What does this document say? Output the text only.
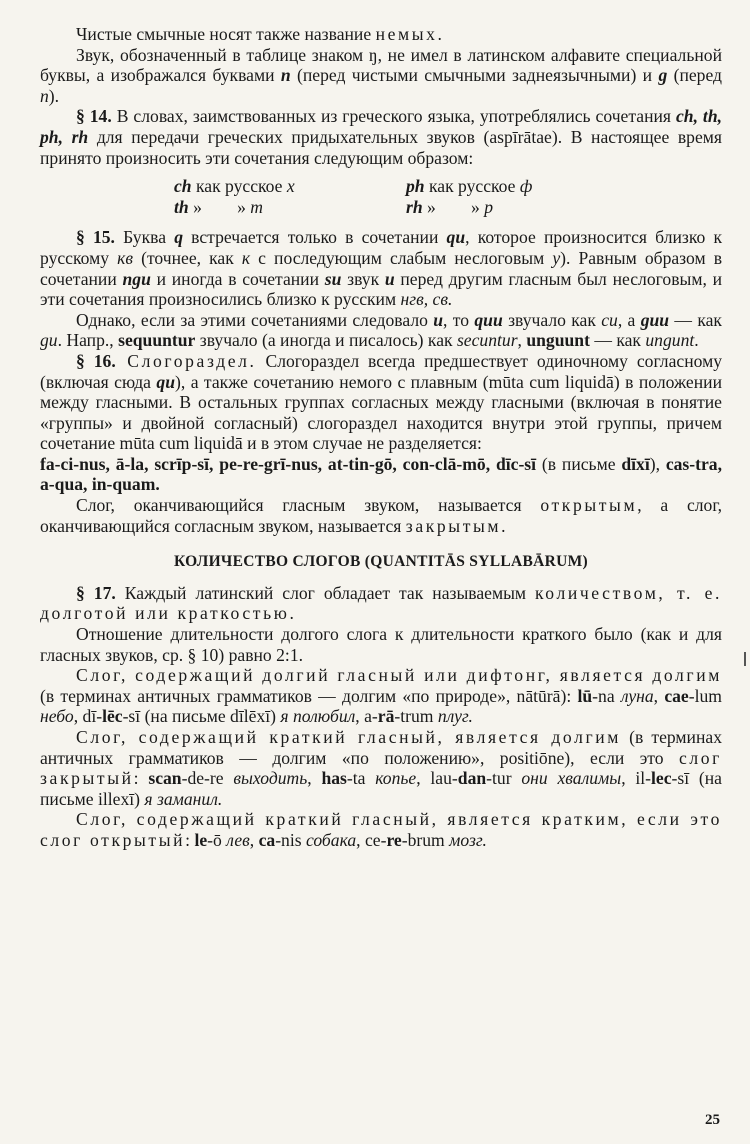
Чистые смычные носят также название немых.

Звук, обозначенный в таблице знаком ŋ, не имел в латинском алфавите специальной буквы, а изображался буквами n (перед чистыми смычными заднеязычными) и g (перед n).

§ 14. В словах, заимствованных из греческого языка, употреблялись сочетания ch, th, ph, rh для передачи греческих придыхательных звуков (aspīrātae). В настоящее время принято произносить эти сочетания следующим образом:

ch как русское х	ph как русское ф
th »        » т	rh »        » р

§ 15. Буква q встречается только в сочетании qu, которое произносится близко к русскому кв (точнее, как к с последующим слабым неслоговым у). Равным образом в сочетании ngu и иногда в сочетании su звук u перед другим гласным был неслоговым, и эти сочетания произносились близко к русским нгв, св.

Однако, если за этими сочетаниями следовало u, то quu звучало как cu, а guu — как gu. Напр., sequuntur звучало (а иногда и писалось) как secuntur, unguunt — как ungunt.

§ 16. Слогораздел. Слогораздел всегда предшествует одиночному согласному (включая сюда qu), а также сочетанию немого с плавным (mūta cum liquidā) в положении между гласными. В остальных группах согласных между гласными (включая в понятие «группы» и двойной согласный) слогораздел находится внутри этой группы, причем сочетание mūta cum liquidā и в этом случае не разделяется:

fa-ci-nus, ā-la, scrīp-sī, pe-re-grī-nus, at-tin-gō, con-clā-mō, dīc-sī (в письме dīxī), cas-tra, a-qua, in-quam.

Слог, оканчивающийся гласным звуком, называется открытым, а слог, оканчивающийся согласным звуком, называется закрытым.

КОЛИЧЕСТВО СЛОГОВ (QUANTITĀS SYLLABĀRUM)

§ 17. Каждый латинский слог обладает так называемым количеством, т. е. долготой или краткостью.

Отношение длительности долгого слога к длительности краткого было (как и для гласных звуков, ср. § 10) равно 2:1.

Слог, содержащий долгий гласный или дифтонг, является долгим (в терминах античных грамматиков — долгим «по природе», nātūrā): lū-na луна, cae-lum небо, dī-lēc-sī (на письме dīlēxī) я полюбил, a-rā-trum плуг.

Слог, содержащий краткий гласный, является долгим (в терминах античных грамматиков — долгим «по положению», positiōne), если это слог закрытый: scan-de-re выходить, has-ta копье, lau-dan-tur они хвалимы, il-lec-sī (на письме illexī) я заманил.

Слог, содержащий краткий гласный, является кратким, если это слог открытый: le-ō лев, ca-nis собака, ce-re-brum мозг.

25
